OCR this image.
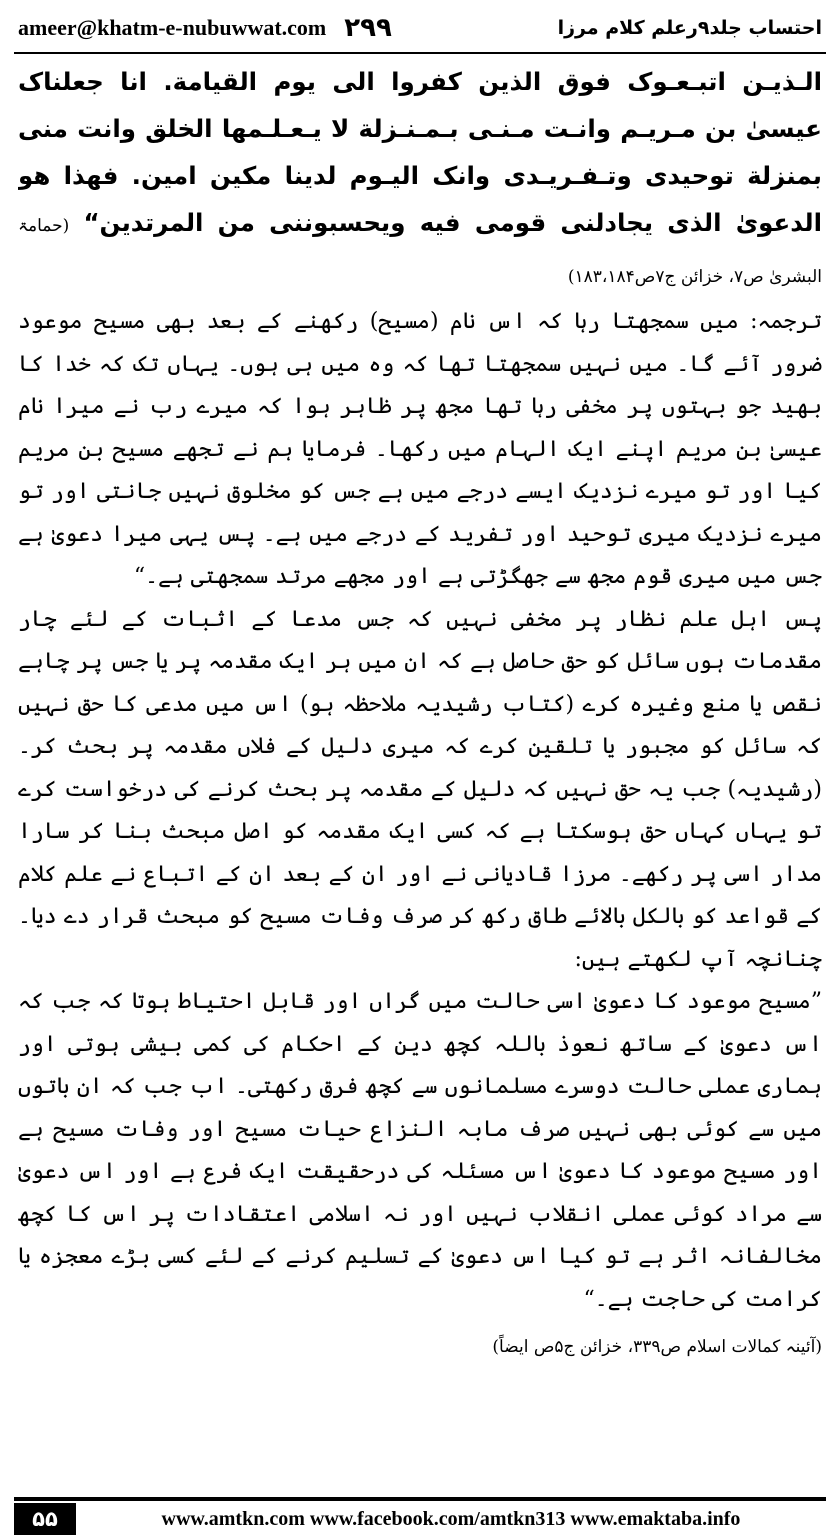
ameer@khatm-e-nubuwwat.com ۲۹۹	احتساب جلد۹رعلم کلام مرزا

الـذيـن اتبـعـوک فوق الذين کفروا الی يوم القيامة. انا جعلناک عيسیٰ بن مـريـم وانـت مـنـی بـمـنـزلة لا يـعـلـمها الخلق وانت منی بمنزلة توحيدی وتـفـريـدی وانک اليـوم لدينا مکين امين. فهذا هو الدعویٰ الذی يجادلنی قومی فيه ويحسبوننی من المرتدين“ (حمامۃ البشریٰ ص۷، خزائن ج۷ص۱۸۳،۱۸۴)

ترجمہ: میں سمجھتا رہا کہ اس نام (مسیح) رکھنے کے بعد بھی مسیح موعود ضرور آئے گا۔ میں نہیں سمجھتا تھا کہ وہ میں ہی ہوں۔ یہاں تک کہ خدا کا بھید جو بہتوں پر مخفی رہا تھا مجھ پر ظاہر ہوا کہ میرے رب نے میرا نام عیسیٰ بن مریم اپنے ایک الہام میں رکھا۔ فرمایا ہم نے تجھے مسیح بن مریم کیا اور تو میرے نزدیک ایسے درجے میں ہے جس کو مخلوق نہیں جانتی اور تو میرے نزدیک میری توحید اور تفرید کے درجے میں ہے۔ پس یہی میرا دعویٰ ہے جس میں میری قوم مجھ سے جھگڑتی ہے اور مجھے مرتد سمجھتی ہے۔“

پس اہل علم نظار پر مخفی نہیں کہ جس مدعا کے اثبات کے لئے چار مقدمات ہوں سائل کو حق حاصل ہے کہ ان میں ہر ایک مقدمہ پر یا جس پر چاہے نقص یا منع وغیرہ کرے (کتاب رشیدیہ ملاحظہ ہو) اس میں مدعی کا حق نہیں کہ سائل کو مجبور یا تلقین کرے کہ میری دلیل کے فلاں مقدمہ پر بحث کر۔ (رشیدیہ) جب یہ حق نہیں کہ دلیل کے مقدمہ پر بحث کرنے کی درخواست کرے تو یہاں کہاں حق ہوسکتا ہے کہ کسی ایک مقدمہ کو اصل مبحث بنا کر سارا مدار اسی پر رکھے۔ مرزا قادیانی نے اور ان کے بعد ان کے اتباع نے علم کلام کے قواعد کو بالکل بالائے طاق رکھ کر صرف وفات مسیح کو مبحث قرار دے دیا۔ چنانچہ آپ لکھتے ہیں:

”مسیح موعود کا دعویٰ اسی حالت میں گراں اور قابل احتیاط ہوتا کہ جب کہ اس دعویٰ کے ساتھ نعوذ باللہ کچھ دین کے احکام کی کمی بیشی ہوتی اور ہماری عملی حالت دوسرے مسلمانوں سے کچھ فرق رکھتی۔ اب جب کہ ان باتوں میں سے کوئی بھی نہیں صرف مابہ النزاع حیات مسیح اور وفات مسیح ہے اور مسیح موعود کا دعویٰ اس مسئلہ کی درحقیقت ایک فرع ہے اور اس دعویٰ سے مراد کوئی عملی انقلاب نہیں اور نہ اسلامی اعتقادات پر اس کا کچھ مخالفانہ اثر ہے تو کیا اس دعویٰ کے تسلیم کرنے کے لئے کسی بڑے معجزہ یا کرامت کی حاجت ہے۔“

(آئینہ کمالات اسلام ص۳۳۹، خزائن ج۵ص ایضاً)

۵۵	www.amtkn.com www.facebook.com/amtkn313 www.emaktaba.info
